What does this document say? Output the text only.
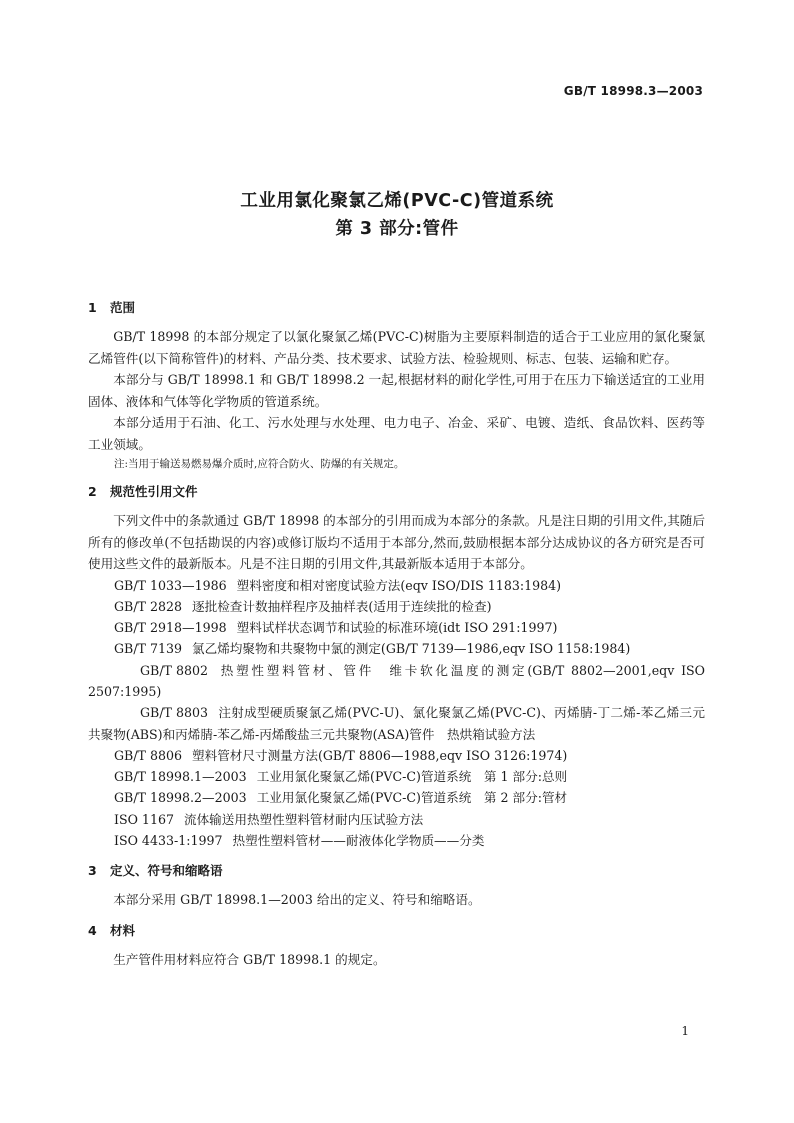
GB/T 18998.3—2003
工业用氯化聚氯乙烯(PVC-C)管道系统
第 3 部分:管件
1 范围
GB/T 18998 的本部分规定了以氯化聚氯乙烯(PVC-C)树脂为主要原料制造的适合于工业应用的氯化聚氯乙烯管件(以下简称管件)的材料、产品分类、技术要求、试验方法、检验规则、标志、包装、运输和贮存。
本部分与 GB/T 18998.1 和 GB/T 18998.2 一起,根据材料的耐化学性,可用于在压力下输送适宜的工业用固体、液体和气体等化学物质的管道系统。
本部分适用于石油、化工、污水处理与水处理、电力电子、冶金、采矿、电镀、造纸、食品饮料、医药等工业领域。
注:当用于输送易燃易爆介质时,应符合防火、防爆的有关规定。
2 规范性引用文件
下列文件中的条款通过 GB/T 18998 的本部分的引用而成为本部分的条款。凡是注日期的引用文件,其随后所有的修改单(不包括勘误的内容)或修订版均不适用于本部分,然而,鼓励根据本部分达成协议的各方研究是否可使用这些文件的最新版本。凡是不注日期的引用文件,其最新版本适用于本部分。
GB/T 1033—1986 塑料密度和相对密度试验方法(eqv ISO/DIS 1183:1984)
GB/T 2828 逐批检查计数抽样程序及抽样表(适用于连续批的检查)
GB/T 2918—1998 塑料试样状态调节和试验的标准环境(idt ISO 291:1997)
GB/T 7139 氯乙烯均聚物和共聚物中氯的测定(GB/T 7139—1986,eqv ISO 1158:1984)
GB/T 8802 热塑性塑料管材、管件　维卡软化温度的测定(GB/T 8802—2001,eqv ISO 2507:1995)
GB/T 8803 注射成型硬质聚氯乙烯(PVC-U)、氯化聚氯乙烯(PVC-C)、丙烯腈-丁二烯-苯乙烯三元共聚物(ABS)和丙烯腈-苯乙烯-丙烯酸盐三元共聚物(ASA)管件　热烘箱试验方法
GB/T 8806 塑料管材尺寸测量方法(GB/T 8806—1988,eqv ISO 3126:1974)
GB/T 18998.1—2003 工业用氯化聚氯乙烯(PVC-C)管道系统　第 1 部分:总则
GB/T 18998.2—2003 工业用氯化聚氯乙烯(PVC-C)管道系统　第 2 部分:管材
ISO 1167 流体输送用热塑性塑料管材耐内压试验方法
ISO 4433-1:1997 热塑性塑料管材——耐液体化学物质——分类
3 定义、符号和缩略语
本部分采用 GB/T 18998.1—2003 给出的定义、符号和缩略语。
4 材料
生产管件用材料应符合 GB/T 18998.1 的规定。
1
